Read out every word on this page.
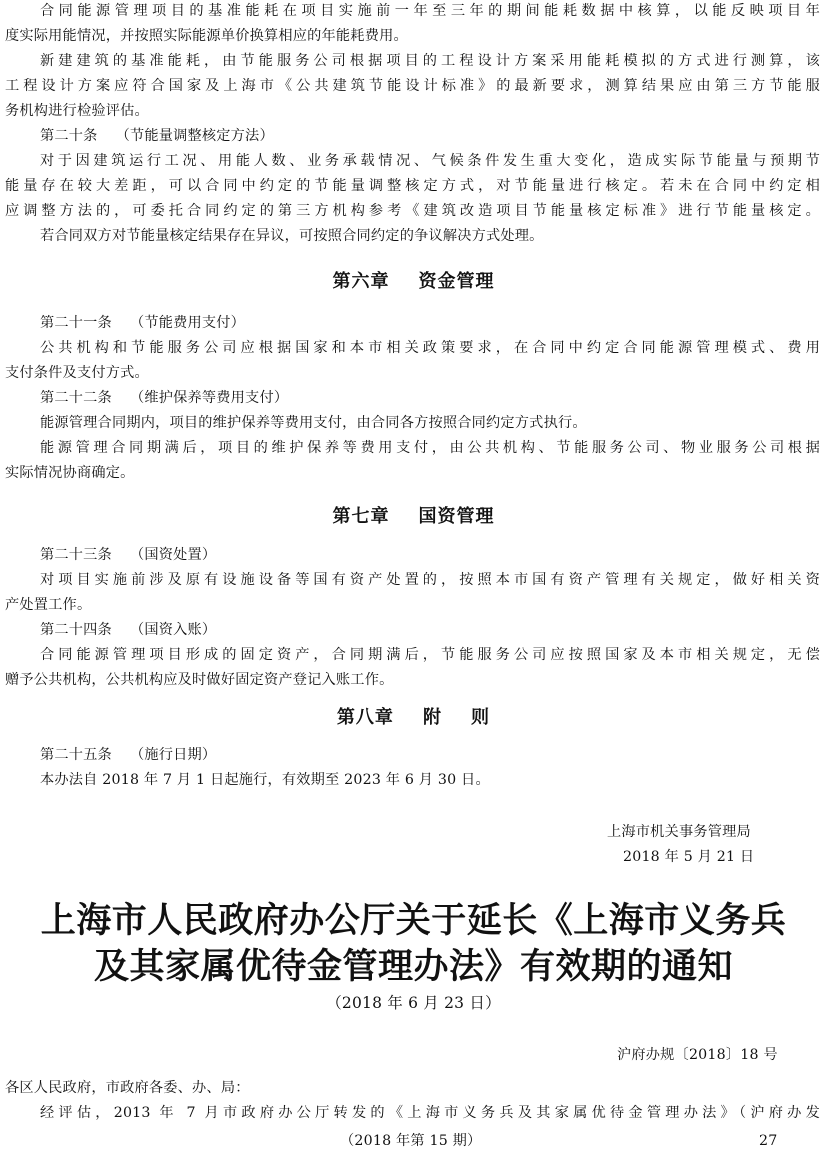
合同能源管理项目的基准能耗在项目实施前一年至三年的期间能耗数据中核算，以能反映项目年
度实际用能情况，并按照实际能源单价换算相应的年能耗费用。
新建建筑的基准能耗，由节能服务公司根据项目的工程设计方案采用能耗模拟的方式进行测算，该
工程设计方案应符合国家及上海市《公共建筑节能设计标准》的最新要求，测算结果应由第三方节能服
务机构进行检验评估。
第二十条 （节能量调整核定方法）
对于因建筑运行工况、用能人数、业务承载情况、气候条件发生重大变化，造成实际节能量与预期节
能量存在较大差距，可以合同中约定的节能量调整核定方式，对节能量进行核定。若未在合同中约定相
应调整方法的，可委托合同约定的第三方机构参考《建筑改造项目节能量核定标准》进行节能量核定。
若合同双方对节能量核定结果存在异议，可按照合同约定的争议解决方式处理。
第六章    资金管理
第二十一条 （节能费用支付）
公共机构和节能服务公司应根据国家和本市相关政策要求，在合同中约定合同能源管理模式、费用
支付条件及支付方式。
第二十二条 （维护保养等费用支付）
能源管理合同期内，项目的维护保养等费用支付，由合同各方按照合同约定方式执行。
能源管理合同期满后，项目的维护保养等费用支付，由公共机构、节能服务公司、物业服务公司根据
实际情况协商确定。
第七章    国资管理
第二十三条 （国资处置）
对项目实施前涉及原有设施设备等国有资产处置的，按照本市国有资产管理有关规定，做好相关资
产处置工作。
第二十四条 （国资入账）
合同能源管理项目形成的固定资产，合同期满后，节能服务公司应按照国家及本市相关规定，无偿
赠予公共机构，公共机构应及时做好固定资产登记入账工作。
第八章    附    则
第二十五条 （施行日期）
本办法自 2018 年 7 月 1 日起施行，有效期至 2023 年 6 月 30 日。
上海市机关事务管理局
2018 年 5 月 21 日
上海市人民政府办公厅关于延长《上海市义务兵
及其家属优待金管理办法》有效期的通知
（2018 年 6 月 23 日）
沪府办规〔2018〕18 号
各区人民政府，市政府各委、办、局：
经评估，2013 年 7 月市政府办公厅转发的《上海市义务兵及其家属优待金管理办法》（沪府办发
（2018 年第 15 期）	27
